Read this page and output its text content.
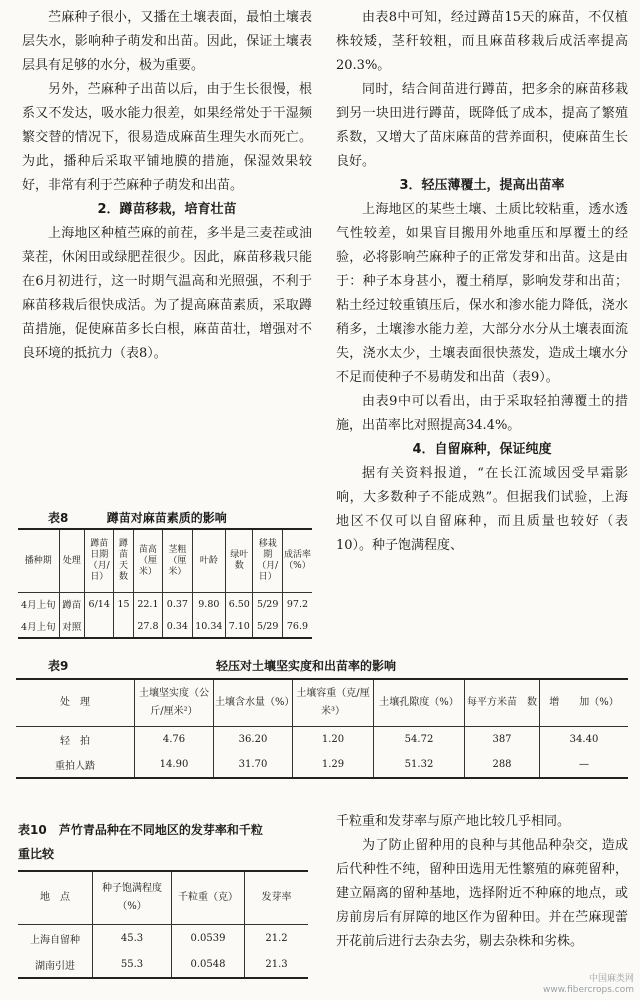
苎麻种子很小，又播在土壤表面，最怕土壤表层失水，影响种子萌发和出苗。因此，保证土壤表层具有足够的水分，极为重要。

另外，苎麻种子出苗以后，由于生长很慢，根系又不发达，吸水能力很差，如果经常处于干湿频繁交替的情况下，很易造成麻苗生理失水而死亡。为此，播种后采取平铺地膜的措施，保湿效果较好，非常有利于苎麻种子萌发和出苗。

2．蹲苗移栽，培育壮苗

上海地区种植苎麻的前茬，多半是三麦茬或油菜茬，休闲田或绿肥茬很少。因此，麻苗移栽只能在6月初进行，这一时期气温高和光照强，不利于麻苗移栽后很快成活。为了提高麻苗素质，采取蹲苗措施，促使麻苗多长白根，麻苗苗壮，增强对不良环境的抵抗力（表8）。

由表8中可知，经过蹲苗15天的麻苗，不仅植株较矮，茎秆较粗，而且麻苗移栽后成活率提高20.3%。

同时，结合间苗进行蹲苗，把多余的麻苗移栽到另一块田进行蹲苗，既降低了成本，提高了繁殖系数，又增大了苗床麻苗的营养面积，使麻苗生长良好。

3．轻压薄覆土，提高出苗率

上海地区的某些土壤、土质比较粘重，透水透气性较差，如果盲目搬用外地重压和厚覆土的经验，必将影响苎麻种子的正常发芽和出苗。这是由于：种子本身甚小，覆土稍厚，影响发芽和出苗；粘土经过较重镇压后，保水和渗水能力降低，浇水稍多，土壤渗水能力差，大部分水分从土壤表面流失，浇水太少，土壤表面很快蒸发，造成土壤水分不足而使种子不易萌发和出苗（表9）。

由表9中可以看出，由于采取轻拍薄覆土的措施，出苗率比对照提高34.4%。

4．自留麻种，保证纯度

据有关资料报道，“在长江流域因受早霜影响，大多数种子不能成熟”。但据我们试验，上海地区不仅可以自留麻种，而且质量也较好（表10）。种子饱满程度、

表8	蹲苗对麻苗素质的影响
播种期	处理	蹲苗日期（月/日）	蹲苗天数	苗高（厘米）	茎粗（厘米）	叶龄	绿叶数	移栽期（月/日）	成活率（%）
4月上旬	蹲苗	6/14	15	22.1	0.37	9.80	6.50	5/29	97.2
4月上旬	对照			27.8	0.34	10.34	7.10	5/29	76.9
表9	轻压对土壤坚实度和出苗率的影响
处　理	土壤坚实度（公斤/厘米²）	土壤含水量（%）	土壤容重（克/厘米³）	土壤孔隙度（%）	每平方米苗　数	增　　加（%）
轻　拍	4.76	36.20	1.20	54.72	387	34.40
重拍人踏	14.90	31.70	1.29	51.32	288	—
表10 芦竹青品种在不同地区的发芽率和千粒重比较
地　点	种子饱满程度（%）	千粒重（克）	发芽率
上海自留种	45.3	0.0539	21.2
湖南引进	55.3	0.0548	21.3

千粒重和发芽率与原产地比较几乎相同。

为了防止留种用的良种与其他品种杂交，造成后代种性不纯，留种田选用无性繁殖的麻蔸留种，建立隔离的留种基地，选择附近不种麻的地点，或房前房后有屏障的地区作为留种田。并在苎麻现蕾开花前后进行去杂去劣，剔去杂株和劣株。

中国麻类网
www.fibercrops.com
